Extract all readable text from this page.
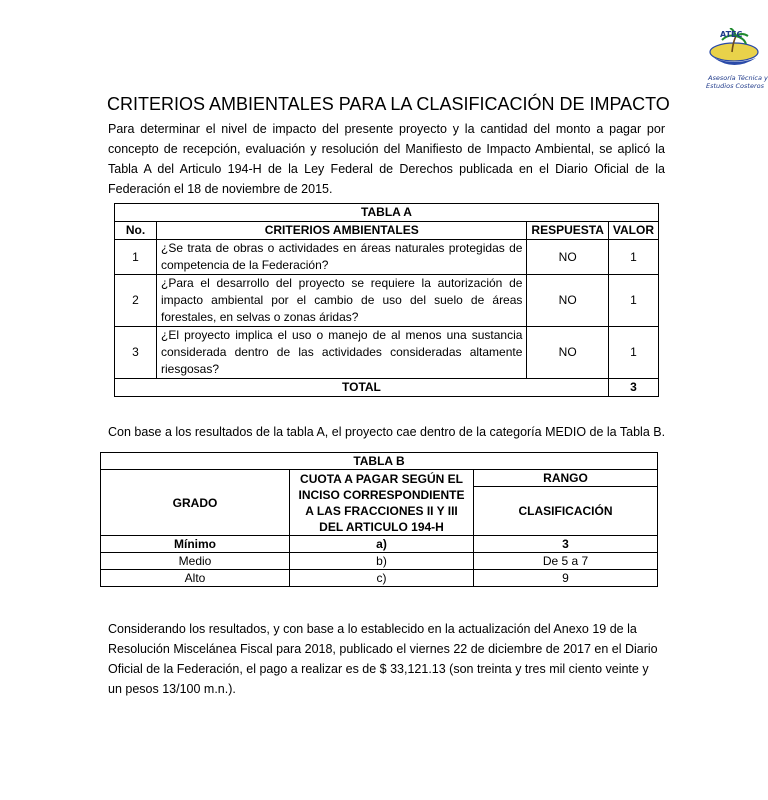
ATEC
Asesoría Técnica y
Estudios Costeros
CRITERIOS AMBIENTALES PARA LA CLASIFICACIÓN DE IMPACTO

Para determinar el nivel de impacto del presente proyecto y la cantidad del monto a pagar por concepto de recepción, evaluación y resolución del Manifiesto de Impacto Ambiental, se aplicó la Tabla A del Articulo 194-H de la Ley Federal de Derechos publicada en el Diario Oficial de la Federación el 18 de noviembre de 2015.

TABLA A			
No.	CRITERIOS AMBIENTALES	RESPUESTA	VALOR
1	¿Se trata de obras o actividades en áreas naturales protegidas de competencia de la Federación?	NO	1
2	¿Para el desarrollo del proyecto se requiere la autorización de impacto ambiental por el cambio de uso del suelo de áreas forestales, en selvas o zonas áridas?	NO	1
3	¿El proyecto implica el uso o manejo de al menos una sustancia considerada dentro de las actividades consideradas altamente riesgosas?	NO	1
TOTAL			3

Con base a los resultados de la tabla A, el proyecto cae dentro de la categoría MEDIO de la Tabla B.

TABLA B		
GRADO	CUOTA A PAGAR SEGÚN EL INCISO CORRESPONDIENTE A LAS FRACCIONES II Y III DEL ARTICULO 194-H	RANGO
		CLASIFICACIÓN
Mínimo	a)	3
Medio	b)	De 5 a 7
Alto	c)	9

Considerando los resultados, y con base a lo establecido en la actualización del Anexo 19 de la Resolución Miscelánea Fiscal para 2018, publicado el viernes 22 de diciembre de 2017 en el Diario Oficial de la Federación, el pago a realizar es de $ 33,121.13 (son treinta y tres mil ciento veinte y un pesos 13/100 m.n.).
